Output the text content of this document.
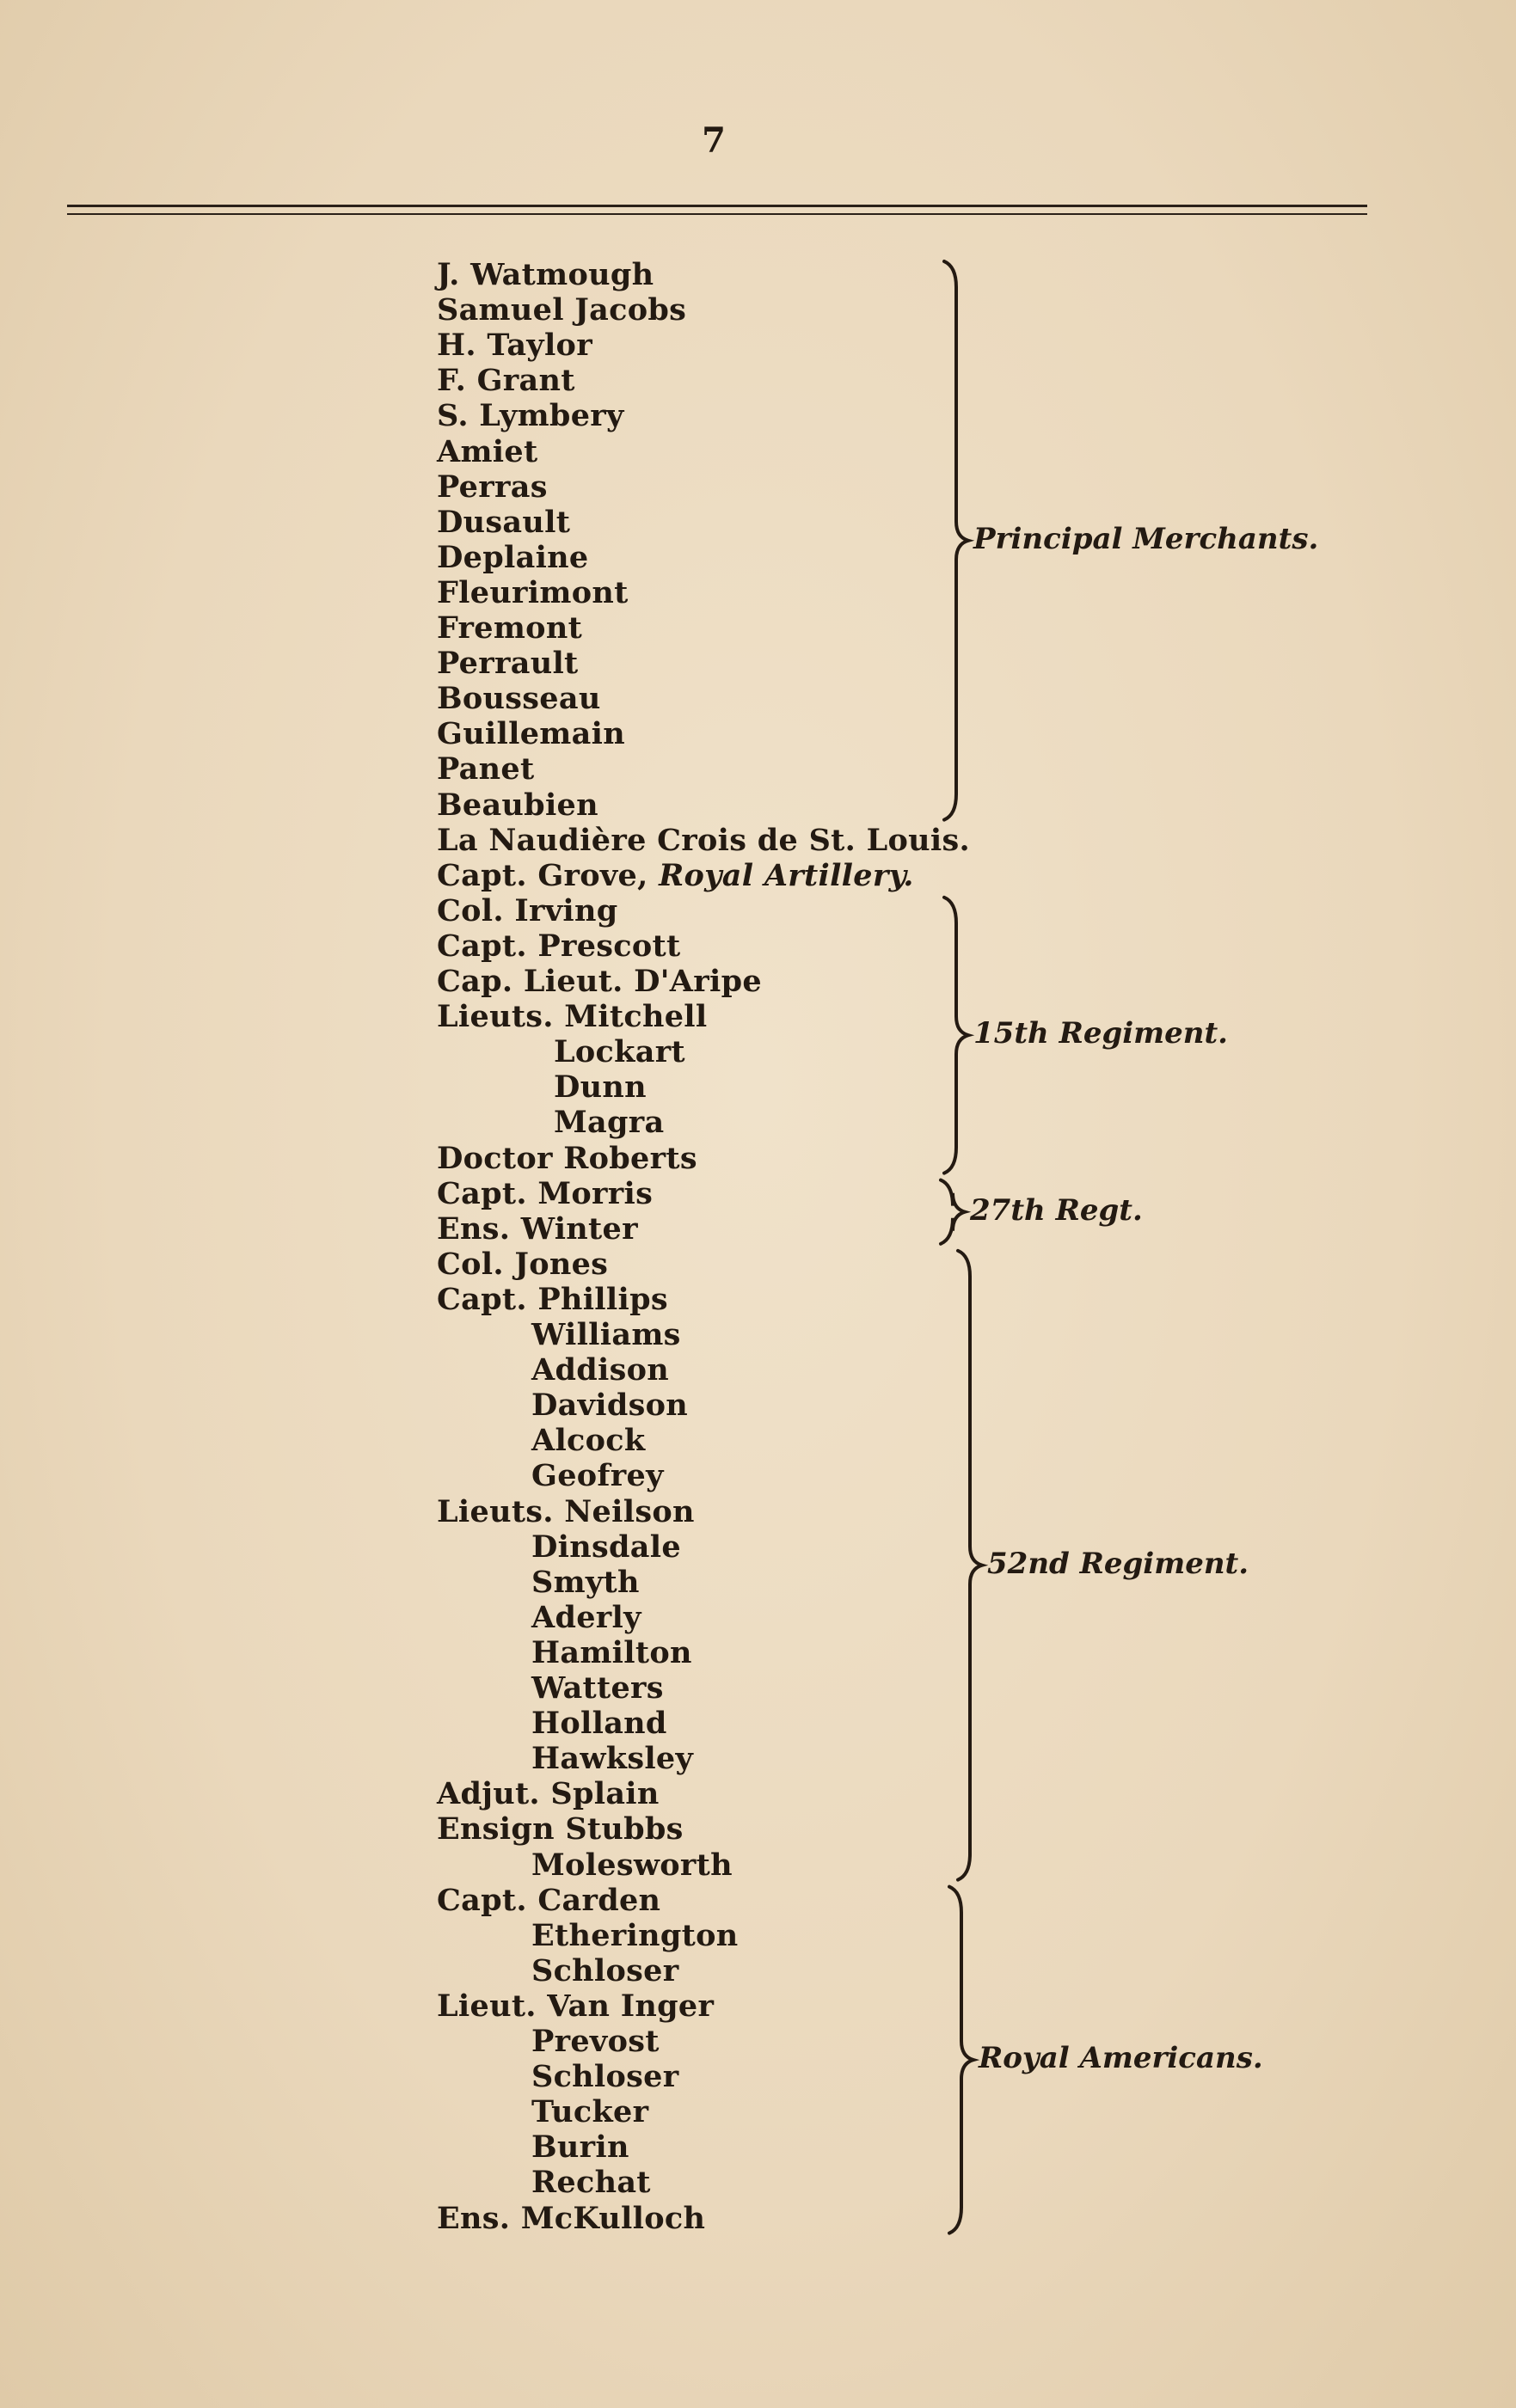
7
J. Watmough
Samuel Jacobs
H. Taylor
F. Grant
S. Lymbery
Amiet
Perras
Dusault
Deplaine
Fleurimont
Fremont
Perrault
Bousseau
Guillemain
Panet
Beaubien
La Naudière Crois de St. Louis.
Capt. Grove, Royal Artillery.
Col. Irving
Capt. Prescott
Cap. Lieut. D'Aripe
Lieuts. Mitchell
Lockart
Dunn
Magra
Doctor Roberts
Capt. Morris
Ens. Winter
Col. Jones
Capt. Phillips
Williams
Addison
Davidson
Alcock
Geofrey
Lieuts. Neilson
Dinsdale
Smyth
Aderly
Hamilton
Watters
Holland
Hawksley
Adjut. Splain
Ensign Stubbs
Molesworth
Capt. Carden
Etherington
Schloser
Lieut. Van Inger
Prevost
Schloser
Tucker
Burin
Rechat
Ens. McKulloch
Principal Merchants.
15th Regiment.
27th Regt.
52nd Regiment.
Royal Americans.
